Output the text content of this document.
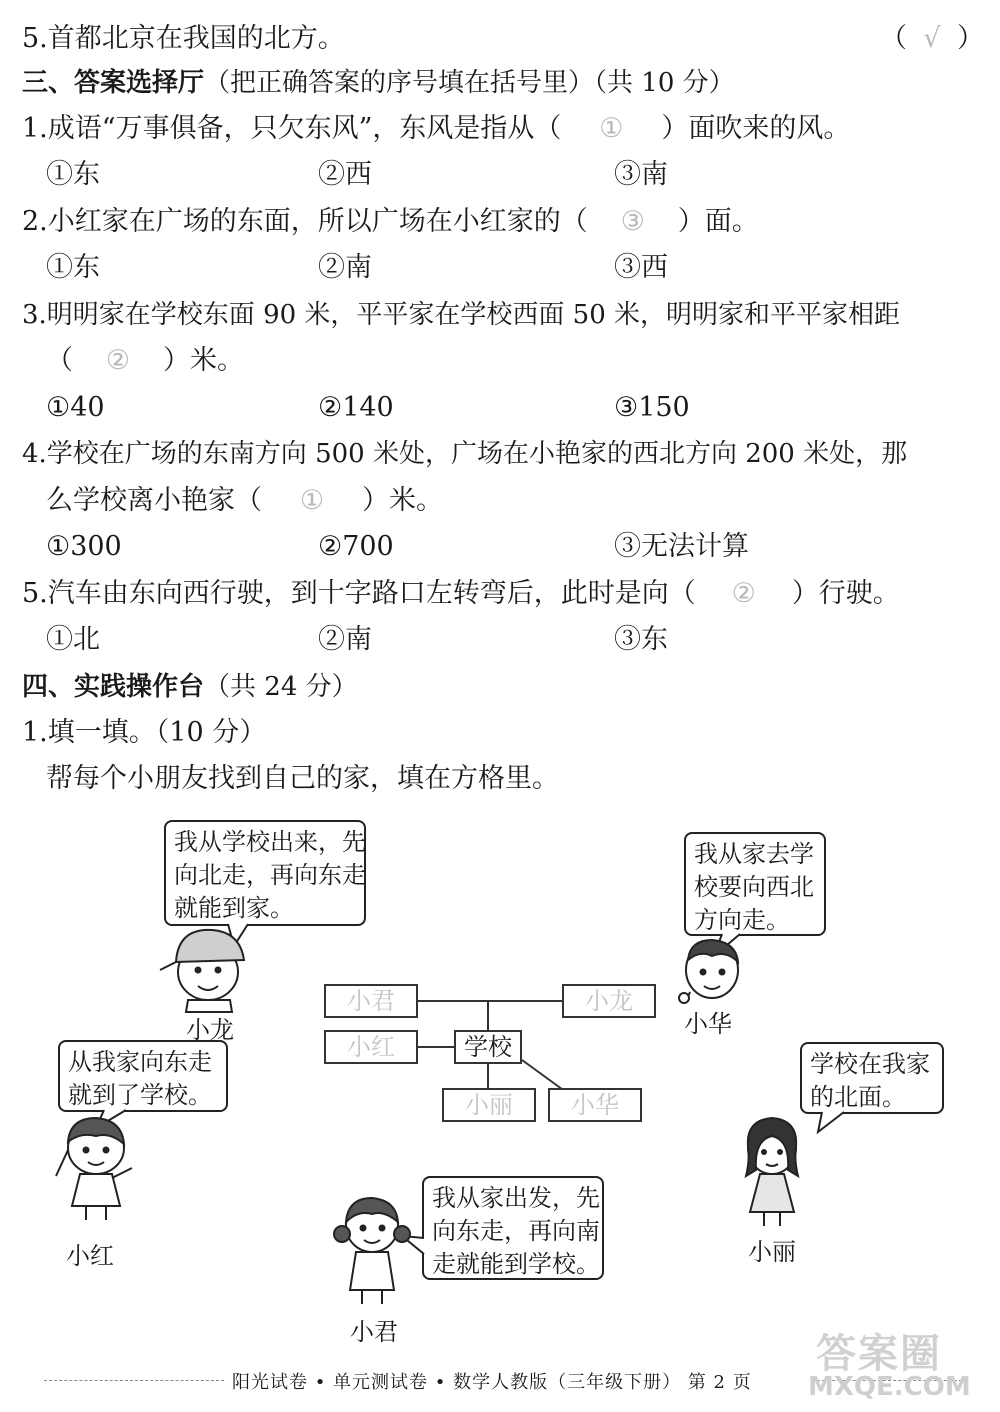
5.首都北京在我国的北方。	（ √ ）
三、答案选择厅（把正确答案的序号填在括号里）（共 10 分）
1.成语“万事俱备，只欠东风”，东风是指从（ ① ）面吹来的风。
①东	②西	③南
2.小红家在广场的东面，所以广场在小红家的（ ③ ）面。
①东	②南	③西
3.明明家在学校东面 90 米，平平家在学校西面 50 米，明明家和平平家相距
（ ② ）米。
①40	②140	③150
4.学校在广场的东南方向 500 米处，广场在小艳家的西北方向 200 米处，那
么学校离小艳家（ ① ）米。
①300	②700	③无法计算
5.汽车由东向西行驶，到十字路口左转弯后，此时是向（ ② ）行驶。
①北	②南	③东
四、实践操作台（共 24 分）
1.填一填。（10 分）
帮每个小朋友找到自己的家，填在方格里。
我从学校出来，先
向北走，再向东走
就能到家。
我从家去学
校要向西北
方向走。
从我家向东走
就到了学校。
学校在我家
的北面。
我从家出发，先
向东走，再向南
走就能到学校。
小君	小龙
小红	学校
小丽	小华
小龙	小华
小红	小丽
小君
阳光试卷 • 单元测试卷 • 数学人教版（三年级下册） 第 2 页
答案圈
MXQE.COM
